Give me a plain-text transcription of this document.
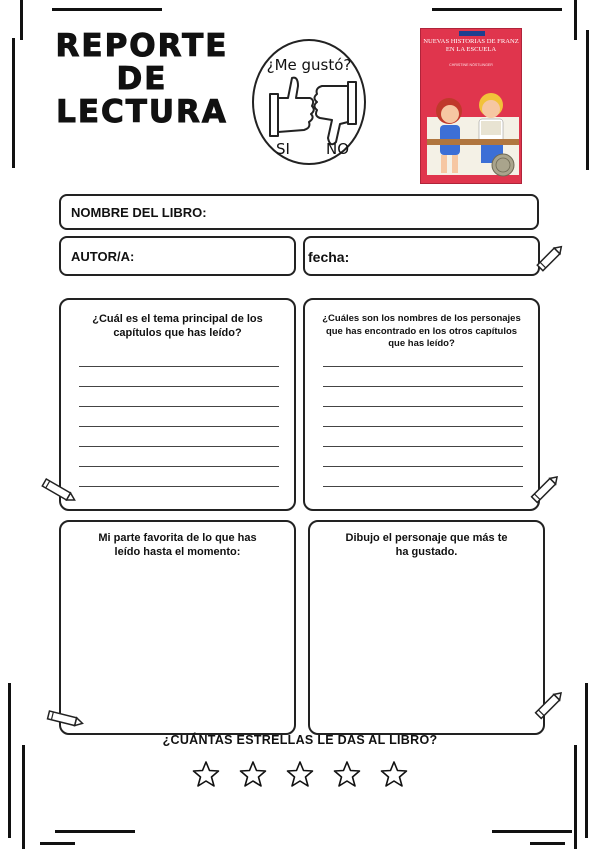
REPORTE
DE
LECTURA
¿Me gustó?
SI NO
NUEVAS HISTORIAS DE FRANZ EN LA ESCUELA
CHRISTINE NÖSTLINGER
NOMBRE DEL LIBRO:
AUTOR/A:	fecha:
¿Cuál es el tema principal de los capítulos que has leído?
¿Cuáles son los nombres de los personajes que has encontrado en los otros capítulos que has leído?
Mi parte favorita de lo que has leído hasta el momento:
Dibujo el personaje que más te ha gustado.
¿CUÁNTAS ESTRELLAS LE DAS AL LIBRO?
